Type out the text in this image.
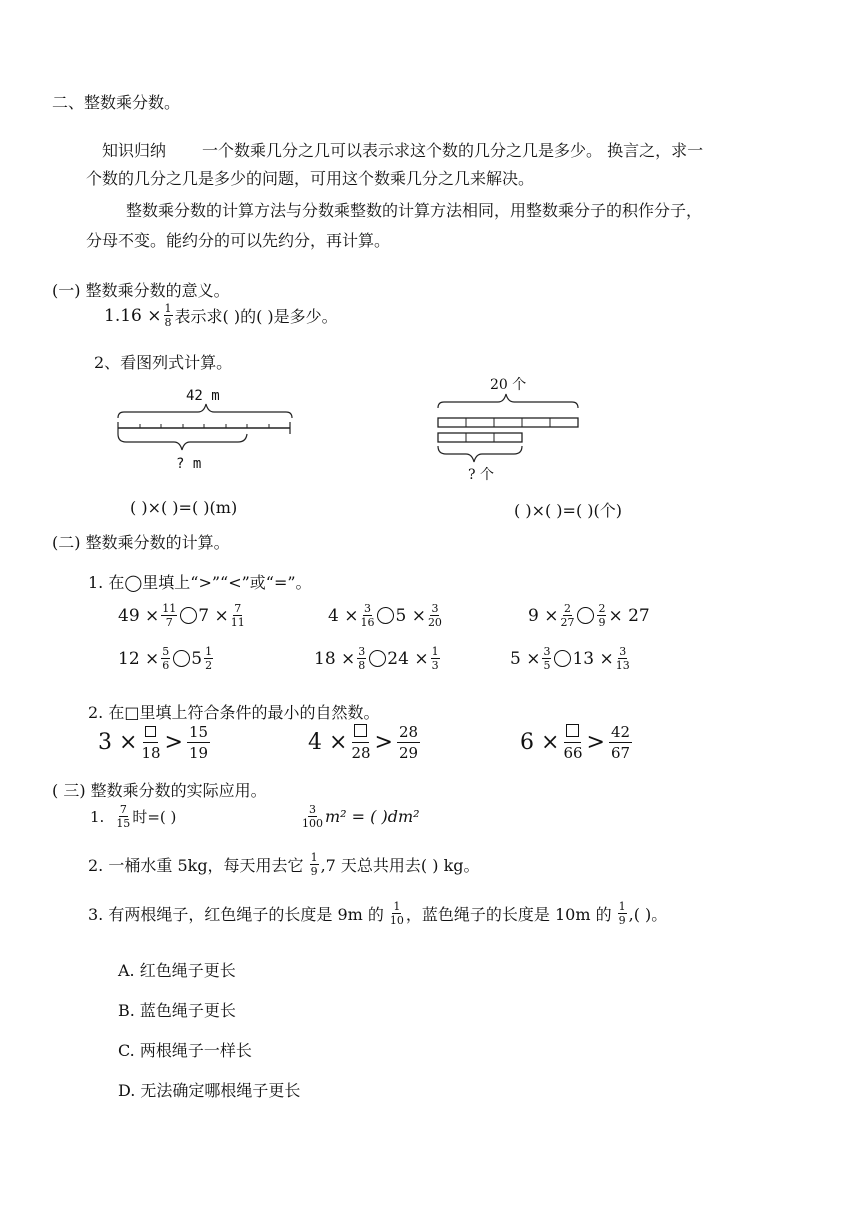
二、整数乘分数。
知识归纳 一个数乘几分之几可以表示求这个数的几分之几是多少。 换言之，求一
个数的几分之几是多少的问题，可用这个数乘几分之几来解决。
整数乘分数的计算方法与分数乘整数的计算方法相同，用整数乘分子的积作分子，
分母不变。能约分的可以先约分，再计算。
(一) 整数乘分数的意义。
$1.16 \times \frac{1}{8}$ 表示求( )的( )是多少。
2、看图列式计算。
42 m
? m
20 个
? 个
( )×( )=( )(m)	( )×( )=( )(个)
(二) 整数乘分数的计算。
1. 在◯里填上“>”“<”或“=”。
$49 \times \frac{11}{7} 7 \times \frac{7}{11}$	$4 \times \frac{3}{16} 5 \times \frac{3}{20}$	$9 \times \frac{2}{27} \frac{2}{9} \times 27$
$12 \times \frac{5}{6} 5 \frac{1}{2}$	$18 \times \frac{3}{8} 24 \times \frac{1}{3}$	$5 \times \frac{3}{5} 13 \times \frac{3}{13}$
2. 在□里填上符合条件的最小的自然数。
$3 \times 18 > \frac{15}{19}$	$4 \times 28 > \frac{28}{29}$	$6 \times 66 > \frac{42}{67}$
( 三) 整数乘分数的实际应用。
1. $\frac{7}{15}$ 时=( )	$\frac{3}{100} m^2$ = ( )dm²
2. 一桶水重 5kg，每天用去它 $\frac{1}{9} ,7$ 天总共用去( ) kg。
3. 有两根绳子，红色绳子的长度是 9m 的 $\frac{1}{10}$ ，蓝色绳子的长度是 10m 的 $\frac{1}{9}$ ,( )。
A. 红色绳子更长
B. 蓝色绳子更长
C. 两根绳子一样长
D. 无法确定哪根绳子更长
